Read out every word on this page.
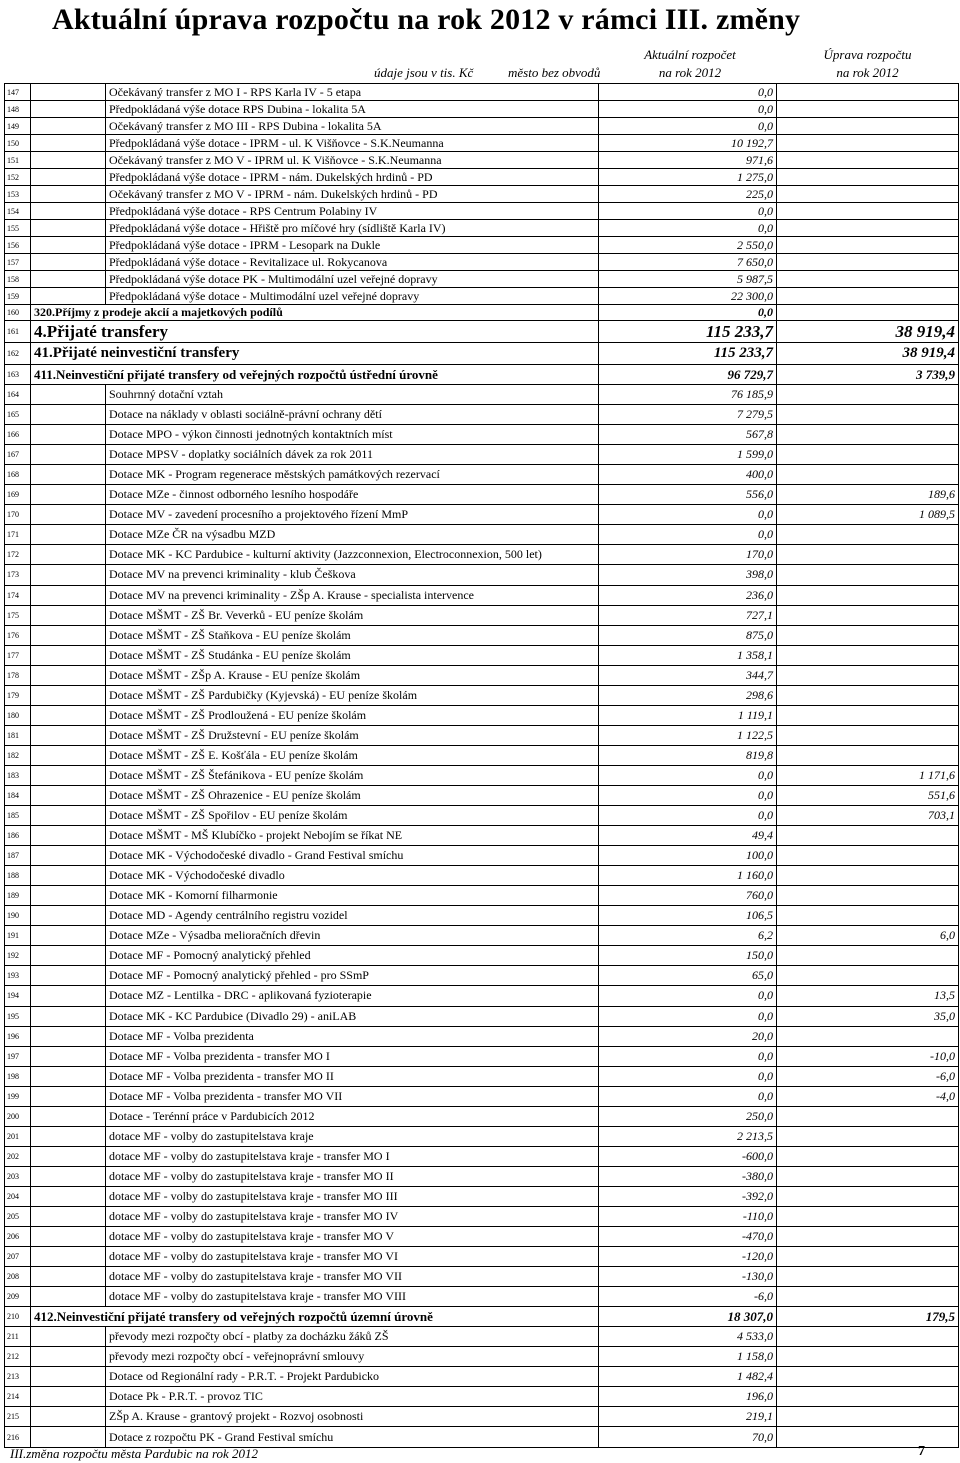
Aktuální úprava rozpočtu na rok 2012 v rámci III. změny
údaje jsou v tis. Kč	město bez obvodů
Aktuální rozpočet
na rok 2012
Úprava rozpočtu
na rok 2012
147		Očekávaný transfer z MO I - RPS Karla IV - 5 etapa	0,0	
148		Předpokládaná výše dotace RPS Dubina - lokalita 5A	0,0	
149		Očekávaný transfer z MO III - RPS Dubina - lokalita 5A	0,0	
150		Předpokládaná výše dotace - IPRM - ul. K Višňovce - S.K.Neumanna	10 192,7	
151		Očekávaný transfer z MO V - IPRM ul. K Višňovce - S.K.Neumanna	971,6	
152		Předpokládaná výše dotace - IPRM - nám. Dukelských hrdinů - PD	1 275,0	
153		Očekávaný transfer z MO V - IPRM - nám. Dukelských hrdinů - PD	225,0	
154		Předpokládaná výše dotace - RPS Centrum Polabiny IV	0,0	
155		Předpokládaná výše dotace - Hřiště pro míčové hry (sídliště Karla IV)	0,0	
156		Předpokládaná výše dotace - IPRM - Lesopark na Dukle	2 550,0	
157		Předpokládaná výše dotace - Revitalizace ul. Rokycanova	7 650,0	
158		Předpokládaná výše dotace PK - Multimodální uzel veřejné dopravy	5 987,5	
159		Předpokládaná výše dotace - Multimodální uzel veřejné dopravy	22 300,0	
160	320.Příjmy z prodeje akcií a majetkových podílů		0,0	
161	4.Přijaté transfery		115 233,7	38 919,4
162	41.Přijaté neinvestiční transfery		115 233,7	38 919,4
163	411.Neinvestiční přijaté transfery od veřejných rozpočtů ústřední úrovně		96 729,7	3 739,9
164		Souhrnný dotační vztah	76 185,9	
165		Dotace na náklady v oblasti sociálně-právní ochrany dětí	7 279,5	
166		Dotace MPO - výkon činnosti jednotných kontaktních míst	567,8	
167		Dotace MPSV - doplatky sociálních dávek za rok 2011	1 599,0	
168		Dotace MK - Program regenerace městských památkových rezervací	400,0	
169		Dotace MZe - činnost odborného lesního hospodáře	556,0	189,6
170		Dotace MV - zavedení procesního a projektového řízení MmP	0,0	1 089,5
171		Dotace MZe ČR na výsadbu MZD	0,0	
172		Dotace MK - KC Pardubice - kulturní aktivity (Jazzconnexion, Electroconnexion, 500 let)	170,0	
173		Dotace MV na prevenci kriminality - klub Češkova	398,0	
174		Dotace MV na prevenci kriminality - ZŠp A. Krause - specialista intervence	236,0	
175		Dotace MŠMT - ZŠ Br. Veverků - EU peníze školám	727,1	
176		Dotace MŠMT - ZŠ Staňkova - EU peníze školám	875,0	
177		Dotace MŠMT - ZŠ Studánka - EU peníze školám	1 358,1	
178		Dotace MŠMT - ZŠp A. Krause - EU peníze školám	344,7	
179		Dotace MŠMT - ZŠ Pardubičky (Kyjevská) - EU peníze školám	298,6	
180		Dotace MŠMT - ZŠ Prodloužená - EU peníze školám	1 119,1	
181		Dotace MŠMT - ZŠ Družstevní - EU peníze školám	1 122,5	
182		Dotace MŠMT - ZŠ E. Košťála - EU peníze školám	819,8	
183		Dotace MŠMT - ZŠ Štefánikova - EU peníze školám	0,0	1 171,6
184		Dotace MŠMT - ZŠ Ohrazenice - EU peníze školám	0,0	551,6
185		Dotace MŠMT - ZŠ Spořilov - EU peníze školám	0,0	703,1
186		Dotace MŠMT - MŠ Klubíčko - projekt Nebojím se říkat NE	49,4	
187		Dotace MK - Východočeské divadlo - Grand Festival smíchu	100,0	
188		Dotace MK - Východočeské divadlo	1 160,0	
189		Dotace MK - Komorní filharmonie	760,0	
190		Dotace MD - Agendy centrálního registru vozidel	106,5	
191		Dotace MZe - Výsadba melioračních dřevin	6,2	6,0
192		Dotace MF - Pomocný analytický přehled	150,0	
193		Dotace MF - Pomocný analytický přehled - pro SSmP	65,0	
194		Dotace MZ - Lentilka - DRC - aplikovaná fyzioterapie	0,0	13,5
195		Dotace MK - KC Pardubice (Divadlo 29) - aniLAB	0,0	35,0
196		Dotace MF - Volba prezidenta	20,0	
197		Dotace MF - Volba prezidenta - transfer MO I	0,0	-10,0
198		Dotace MF - Volba prezidenta - transfer MO II	0,0	-6,0
199		Dotace MF - Volba prezidenta - transfer MO VII	0,0	-4,0
200		Dotace - Terénní práce v Pardubicích 2012	250,0	
201		dotace MF - volby do zastupitelstava kraje	2 213,5	
202		dotace MF - volby do zastupitelstava kraje - transfer MO I	-600,0	
203		dotace MF - volby do zastupitelstava kraje - transfer MO II	-380,0	
204		dotace MF - volby do zastupitelstava kraje - transfer MO III	-392,0	
205		dotace MF - volby do zastupitelstava kraje - transfer MO IV	-110,0	
206		dotace MF - volby do zastupitelstava kraje - transfer MO V	-470,0	
207		dotace MF - volby do zastupitelstava kraje - transfer MO VI	-120,0	
208		dotace MF - volby do zastupitelstava kraje - transfer MO VII	-130,0	
209		dotace MF - volby do zastupitelstava kraje - transfer MO VIII	-6,0	
210	412.Neinvestiční přijaté transfery od veřejných rozpočtů územní úrovně		18 307,0	179,5
211		převody mezi rozpočty obcí - platby za docházku žáků ZŠ	4 533,0	
212		převody mezi rozpočty obcí - veřejnoprávní smlouvy	1 158,0	
213		Dotace od Regionální rady - P.R.T. - Projekt Pardubicko	1 482,4	
214		Dotace Pk - P.R.T. - provoz TIC	196,0	
215		ZŠp A. Krause - grantový projekt - Rozvoj osobnosti	219,1	
216		Dotace z rozpočtu PK - Grand Festival smíchu	70,0	
III.změna rozpočtu města Pardubic na rok 2012	7
